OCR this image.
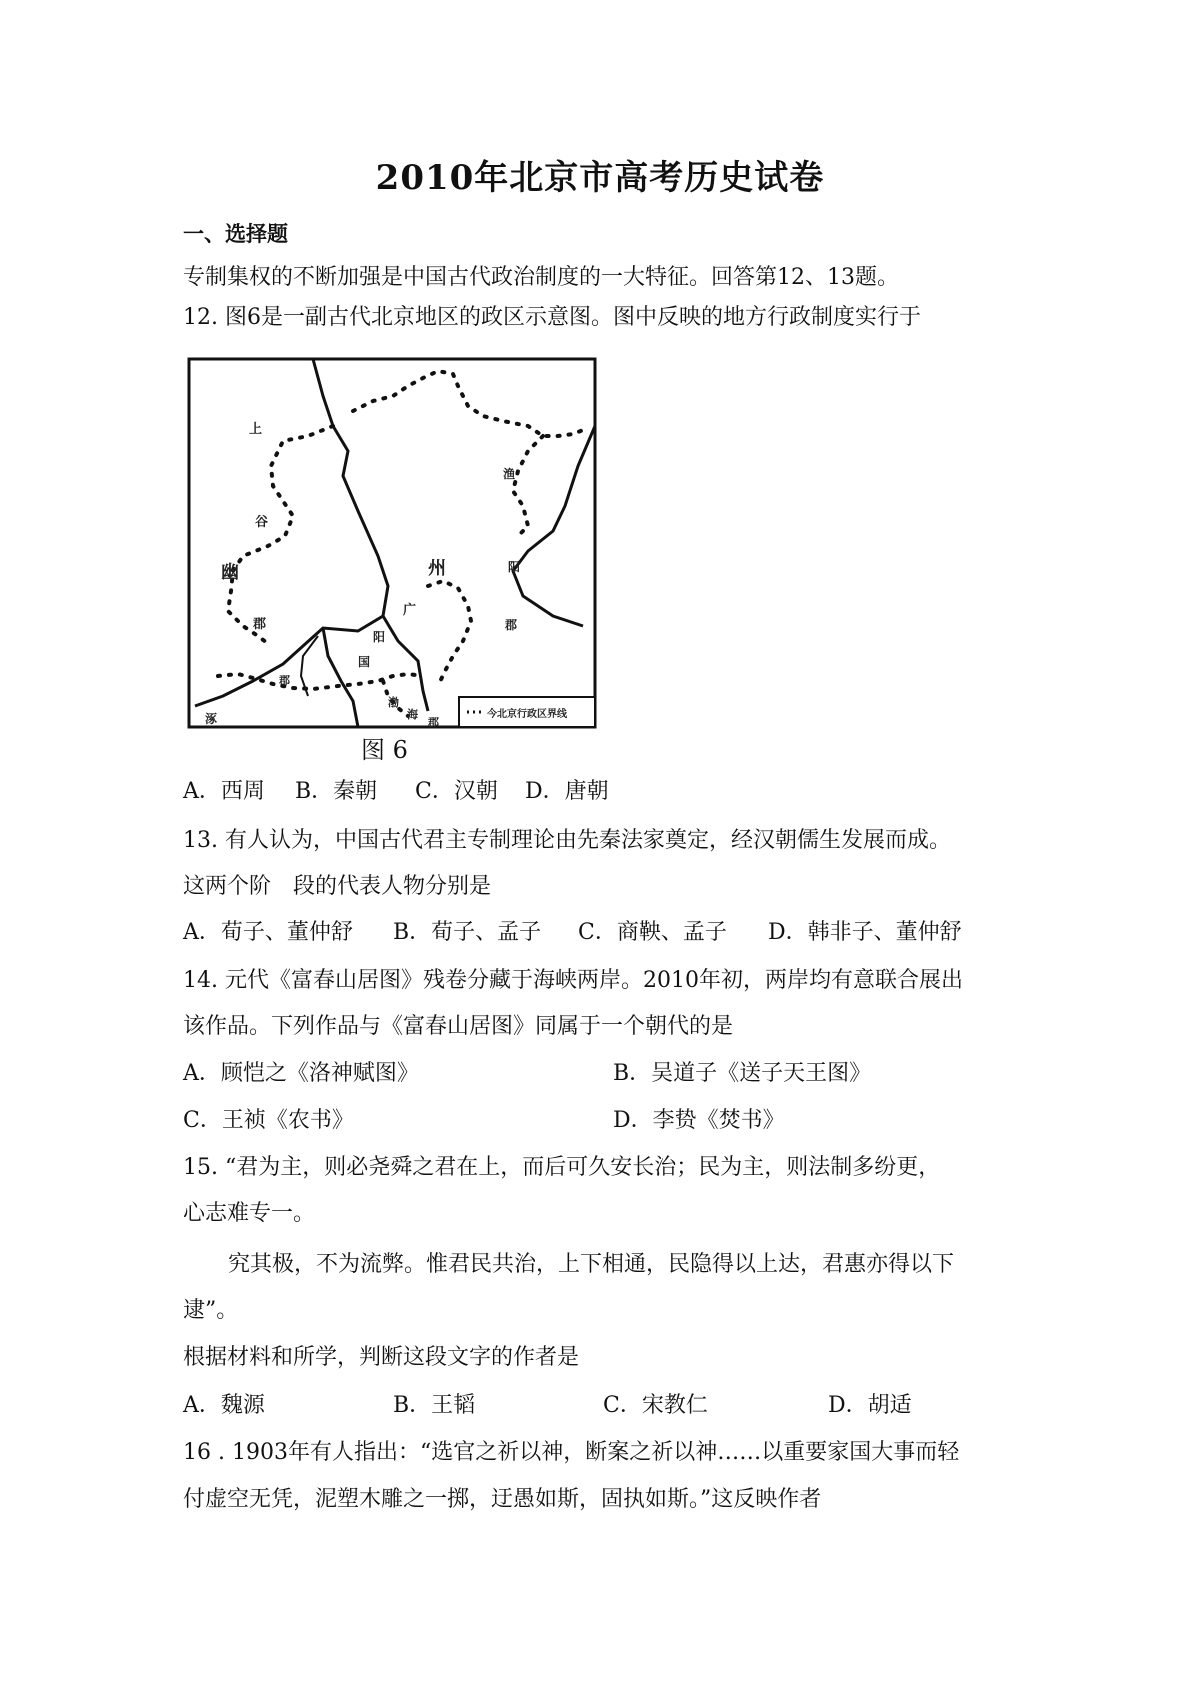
2010年北京市高考历史试卷
一、选择题
专制集权的不断加强是中国古代政治制度的一大特征。回答第12、13题。
12. 图6是一副古代北京地区的政区示意图。图中反映的地方行政制度实行于
上
谷
幽
郡
渔
阳
州
郡
广
阳
国
涿
郡
渤
海
郡
今北京行政区界线
图 6
A．西周 B．秦朝 C．汉朝 D．唐朝
13. 有人认为，中国古代君主专制理论由先秦法家奠定，经汉朝儒生发展而成。
这两个阶　段的代表人物分别是
A．荀子、董仲舒 B．荀子、孟子 C．商鞅、孟子 D．韩非子、董仲舒
14. 元代《富春山居图》残卷分藏于海峡两岸。2010年初，两岸均有意联合展出
该作品。下列作品与《富春山居图》同属于一个朝代的是
A．顾恺之《洛神赋图》	B．吴道子《送子天王图》
C．王祯《农书》	D．李贽《焚书》
15. “君为主，则必尧舜之君在上，而后可久安长治；民为主，则法制多纷更，
心志难专一。
究其极，不为流弊。惟君民共治，上下相通，民隐得以上达，君惠亦得以下
逮”。
根据材料和所学，判断这段文字的作者是
A．魏源	B．王韬	C．宋教仁	D．胡适
16 . 1903年有人指出：“选官之祈以神，断案之祈以神……以重要家国大事而轻
付虚空无凭，泥塑木雕之一掷，迂愚如斯，固执如斯。”这反映作者
